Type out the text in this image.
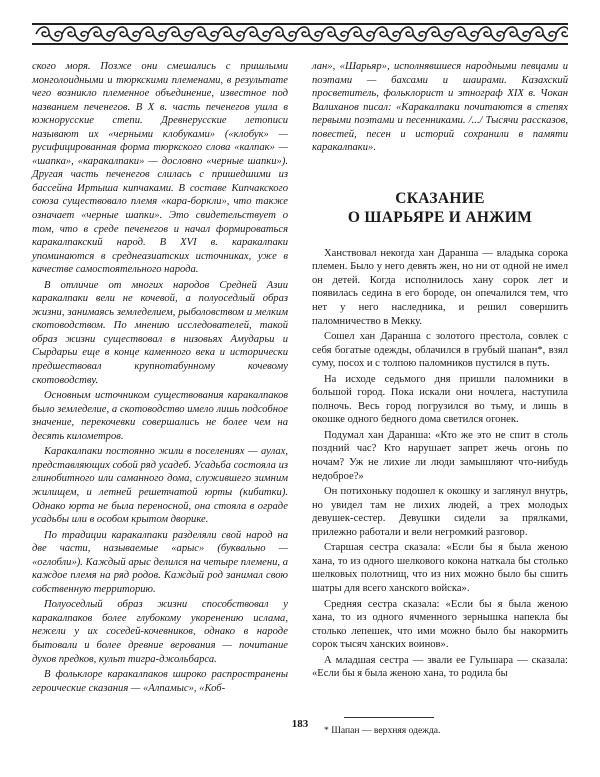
ского моря. Позже они смешались с пришлыми монголоидными и тюркскими племенами, в результате чего возникло племенное объединение, известное под названием печенегов. В X в. часть печенегов ушла в южнорусские степи. Древнерусские летописи называют их «черными клобуками» («клобук» — русифицированная форма тюркского слова «калпак» — «шапка», «каракалпаки» — дословно «черные шапки»). Другая часть печенегов слилась с пришедшими из бассейна Иртыша кипчаками. В составе Кипчакского союза существовало племя «кара-боркли», что также означает «черные шапки». Это свидетельствует о том, что в среде печенегов и начал формироваться каракалпакский народ. В XVI в. каракалпаки упоминаются в среднеазиатских источниках, уже в качестве самостоятельного народа.

В отличие от многих народов Средней Азии каракалпаки вели не кочевой, а полуоседлый образ жизни, занимаясь земледелием, рыболовством и мелким скотоводством. По мнению исследователей, такой образ жизни существовал в низовьях Амударьи и Сырдарьи еще в конце каменного века и исторически предшествовал крупнотабунному кочевому скотоводству.

Основным источником существования каракалпаков было земледелие, а скотоводство имело лишь подсобное значение, перекочевки совершались не более чем на десять километров.

Каракалпаки постоянно жили в поселениях — аулах, представляющих собой ряд усадеб. Усадьба состояла из глинобитного или саманного дома, служившего зимним жилищем, и летней решетчатой юрты (кибитки). Однако юрта не была переносной, она стояла в ограде усадьбы или в особом крытом дворике.

По традиции каракалпаки разделяли свой народ на две части, называемые «арыс» (буквально — «оглобли»). Каждый арыс делился на четыре племени, а каждое племя на ряд родов. Каждый род занимал свою собственную территорию.

Полуоседлый образ жизни способствовал у каракалпаков более глубокому укоренению ислама, нежели у их соседей-кочевников, однако в народе бытовали и более древние верования — почитание духов предков, культ тигра-джольбарса.

В фольклоре каракалпаков широко распространены героические сказания — «Алпамыс», «Коб-

лан», «Шарьяр», исполнявшиеся народными певцами и поэтами — бахсами и шаирами. Казахский просветитель, фольклорист и этнограф XIX в. Чокан Валиханов писал: «Каракалпаки почитаются в степях первыми поэтами и песенниками. /.../ Тысячи рассказов, повестей, песен и историй сохранили в памяти каракалпаки».

СКАЗАНИЕ
О ШАРЬЯРЕ И АНЖИМ

Ханствовал некогда хан Даранша — владыка сорока племен. Было у него девять жен, но ни от одной не имел он детей. Когда исполнилось хану сорок лет и появилась седина в его бороде, он опечалился тем, что нет у него наследника, и решил совершить паломничество в Мекку.

Сошел хан Даранша с золотого престола, совлек с себя богатые одежды, облачился в грубый шапан*, взял суму, посох и с толпою паломников пустился в путь.

На исходе седьмого дня пришли паломники в большой город. Пока искали они ночлега, наступила полночь. Весь город погрузился во тьму, и лишь в окошке одного бедного дома светился огонек.

Подумал хан Даранша: «Кто же это не спит в столь поздний час? Кто нарушает запрет жечь огонь по ночам? Уж не лихие ли люди замышляют что-нибудь недоброе?»

Он потихоньку подошел к окошку и заглянул внутрь, но увидел там не лихих людей, а трех молодых девушек-сестер. Девушки сидели за прялками, прилежно работали и вели негромкий разговор.

Старшая сестра сказала: «Если бы я была женою хана, то из одного шелкового кокона наткала бы столько шелковых полотнищ, что из них можно было бы сшить шатры для всего ханского войска».

Средняя сестра сказала: «Если бы я была женою хана, то из одного ячменного зернышка напекла бы столько лепешек, что ими можно было бы накормить сорок тысяч ханских воинов».

А младшая сестра — звали ее Гульшара — сказала: «Если бы я была женою хана, то родила бы

* Шапан — верхняя одежда.

183
